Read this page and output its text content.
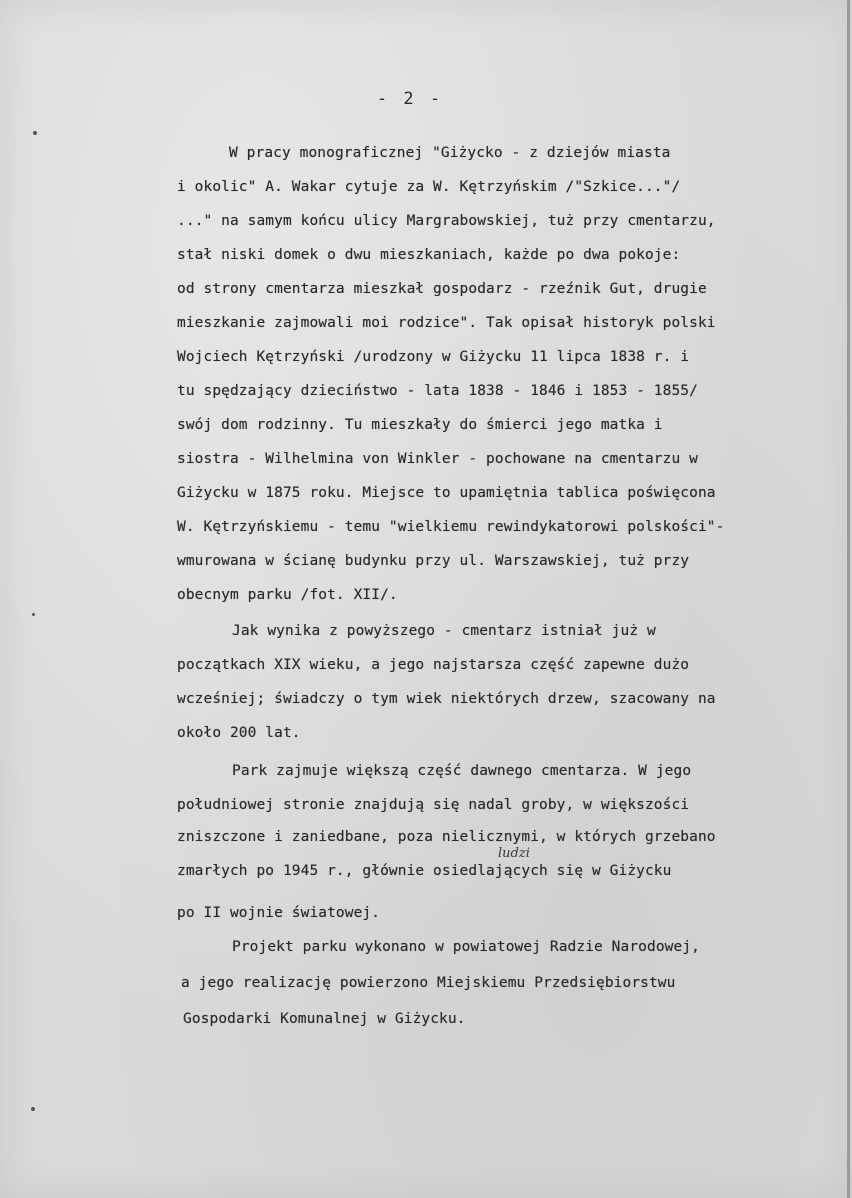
- 2 -
W pracy monograficznej "Giżycko - z dziejów miasta
i okolic" A. Wakar cytuje za W. Kętrzyńskim /"Szkice..."/
..." na samym końcu ulicy Margrabowskiej, tuż przy cmentarzu,
stał niski domek o dwu mieszkaniach, każde po dwa pokoje:
od strony cmentarza mieszkał gospodarz - rzeźnik Gut, drugie
mieszkanie zajmowali moi rodzice". Tak opisał historyk polski
Wojciech Kętrzyński /urodzony w Giżycku 11 lipca 1838 r. i
tu spędzający dzieciństwo - lata 1838 - 1846 i 1853 - 1855/
swój dom rodzinny. Tu mieszkały do śmierci jego matka i
siostra - Wilhelmina von Winkler - pochowane na cmentarzu w
Giżycku w 1875 roku. Miejsce to upamiętnia tablica poświęcona
W. Kętrzyńskiemu - temu "wielkiemu rewindykatorowi polskości"-
wmurowana w ścianę budynku przy ul. Warszawskiej, tuż przy
obecnym parku /fot. XII/.
Jak wynika z powyższego - cmentarz istniał już w
początkach XIX wieku, a jego najstarsza część zapewne dużo
wcześniej; świadczy o tym wiek niektórych drzew, szacowany na
około 200 lat.
Park zajmuje większą część dawnego cmentarza. W jego
południowej stronie znajdują się nadal groby, w większości
zniszczone i zaniedbane, poza nielicznymi, w których grzebano
ludzi
zmarłych po 1945 r., głównie osiedlających się w Giżycku
po II wojnie światowej.
Projekt parku wykonano w powiatowej Radzie Narodowej,
a jego realizację powierzono Miejskiemu Przedsiębiorstwu
Gospodarki Komunalnej w Giżycku.
